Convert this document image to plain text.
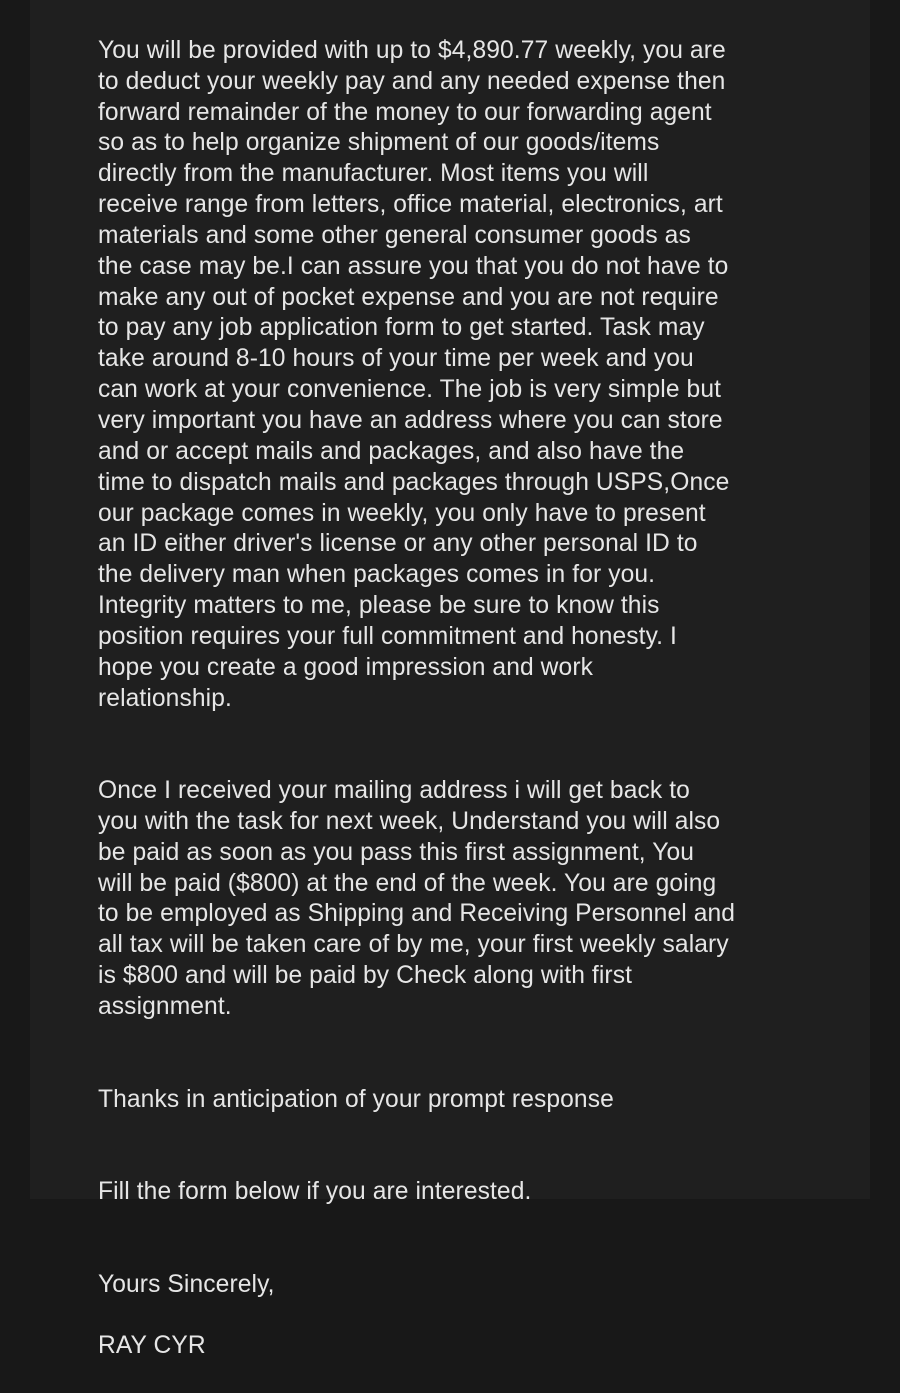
You will be provided with up to $4,890.77 weekly, you are
to deduct your weekly pay and any needed expense then
forward remainder of the money to our forwarding agent
so as to help organize shipment of our goods/items
directly from the manufacturer. Most items you will
receive range from letters, office material, electronics, art
materials and some other general consumer goods as
the case may be.I can assure you that you do not have to
make any out of pocket expense and you are not require
to pay any job application form to get started. Task may
take around 8-10 hours of your time per week and you
can work at your convenience. The job is very simple but
very important you have an address where you can store
and or accept mails and packages, and also have the
time to dispatch mails and packages through USPS,Once
our package comes in weekly, you only have to present
an ID either driver's license or any other personal ID to
the delivery man when packages comes in for you.
Integrity matters to me, please be sure to know this
position requires your full commitment and honesty. I
hope you create a good impression and work
relationship.

Once I received your mailing address i will get back to
you with the task for next week, Understand you will also
be paid as soon as you pass this first assignment, You
will be paid ($800) at the end of the week. You are going
to be employed as Shipping and Receiving Personnel and
all tax will be taken care of by me, your first weekly salary
is $800 and will be paid by Check along with first
assignment.

Thanks in anticipation of your prompt response

Fill the form below if you are interested.

Yours Sincerely,

RAY CYR
